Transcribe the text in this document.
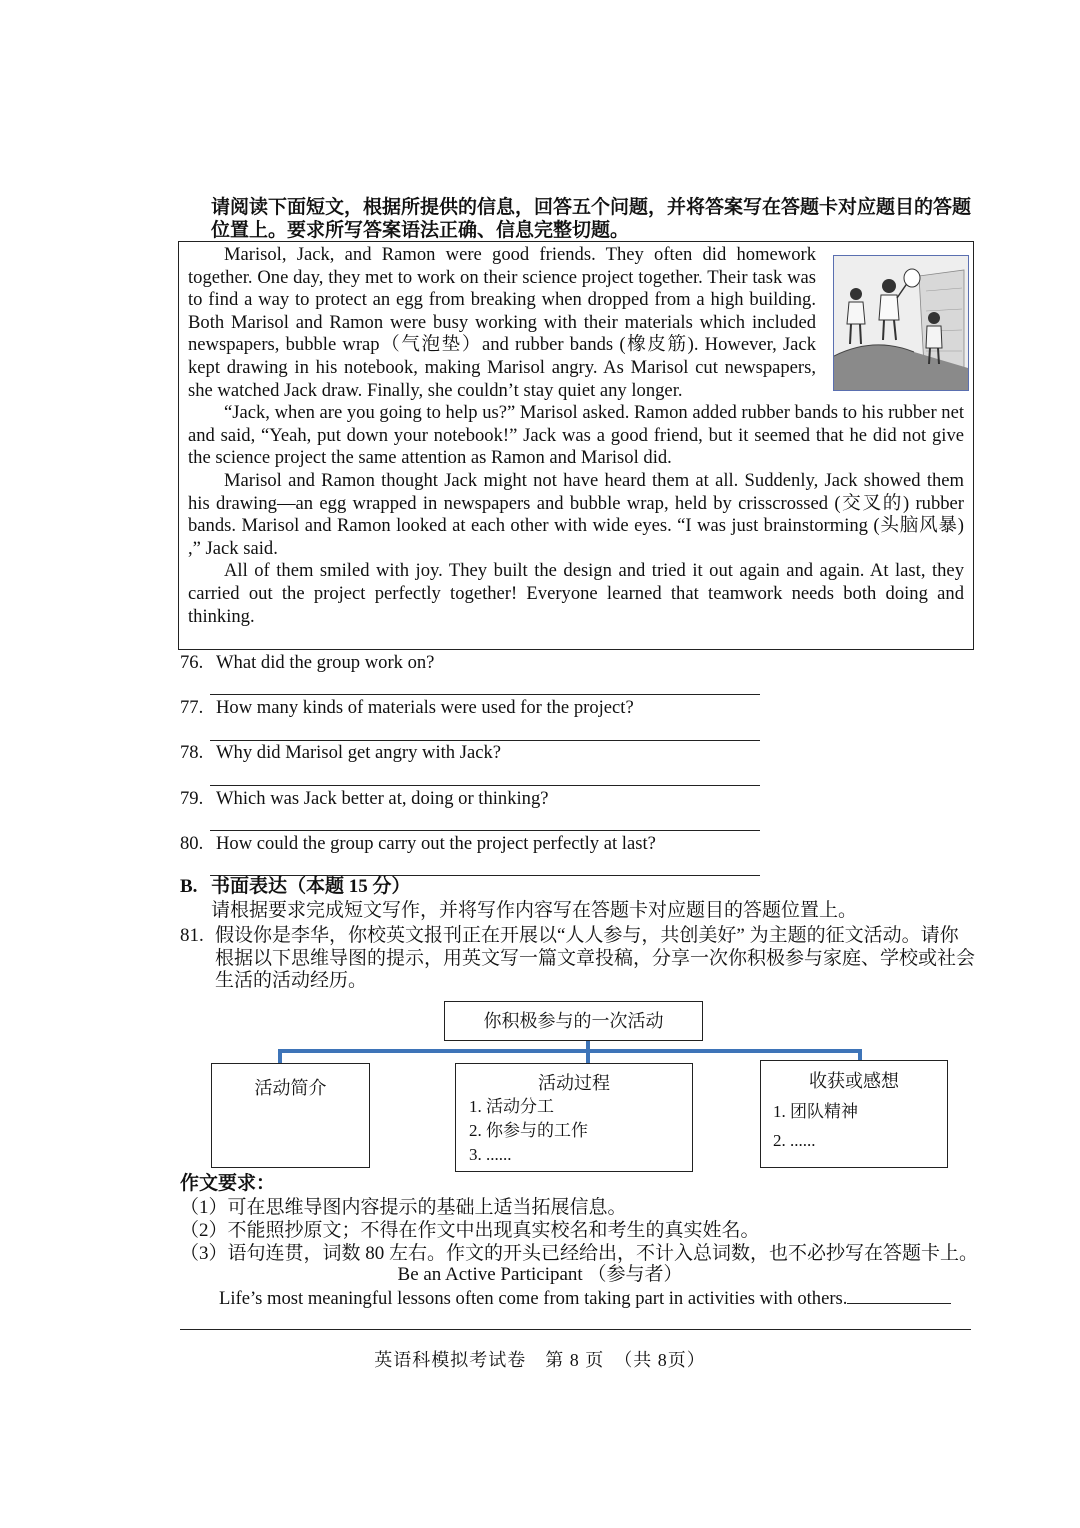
请阅读下面短文，根据所提供的信息，回答五个问题，并将答案写在答题卡对应题目的答题位置上。要求所写答案语法正确、信息完整切题。

Marisol, Jack, and Ramon were good friends. They often did homework together. One day, they met to work on their science project together. Their task was to find a way to protect an egg from breaking when dropped from a high building. Both Marisol and Ramon were busy working with their materials which included newspapers, bubble wrap（气泡垫）and rubber bands (橡皮筋). However, Jack kept drawing in his notebook, making Marisol angry. As Marisol cut newspapers, she watched Jack draw. Finally, she couldn’t stay quiet any longer.

“Jack, when are you going to help us?” Marisol asked. Ramon added rubber bands to his rubber net and said, “Yeah, put down your notebook!” Jack was a good friend, but it seemed that he did not give the science project the same attention as Ramon and Marisol did.

Marisol and Ramon thought Jack might not have heard them at all. Suddenly, Jack showed them his drawing—an egg wrapped in newspapers and bubble wrap, held by crisscrossed (交叉的) rubber bands. Marisol and Ramon looked at each other with wide eyes. “I was just brainstorming (头脑风暴) ,” Jack said.

All of them smiled with joy. They built the design and tried it out again and again. At last, they carried out the project perfectly together! Everyone learned that teamwork needs both doing and thinking.

76. What did the group work on?
77. How many kinds of materials were used for the project?
78. Why did Marisol get angry with Jack?
79. Which was Jack better at, doing or thinking?
80. How could the group carry out the project perfectly at last?
B. 书面表达（本题 15 分）
请根据要求完成短文写作，并将写作内容写在答题卡对应题目的答题位置上。
81. 假设你是李华，你校英文报刊正在开展以“人人参与，共创美好” 为主题的征文活动。请你根据以下思维导图的提示，用英文写一篇文章投稿，分享一次你积极参与家庭、学校或社会生活的活动经历。
你积极参与的一次活动
活动简介	活动过程
1. 活动分工
2. 你参与的工作
3. ......
收获或感想
1. 团队精神
2. ......
作文要求：
（1）可在思维导图内容提示的基础上适当拓展信息。
（2）不能照抄原文；不得在作文中出现真实校名和考生的真实姓名。
（3）语句连贯，词数 80 左右。作文的开头已经给出，不计入总词数，也不必抄写在答题卡上。
Be an Active Participant （参与者）
Life’s most meaningful lessons often come from taking part in activities with others.
英语科模拟考试卷　第 8 页　（共 8页）
